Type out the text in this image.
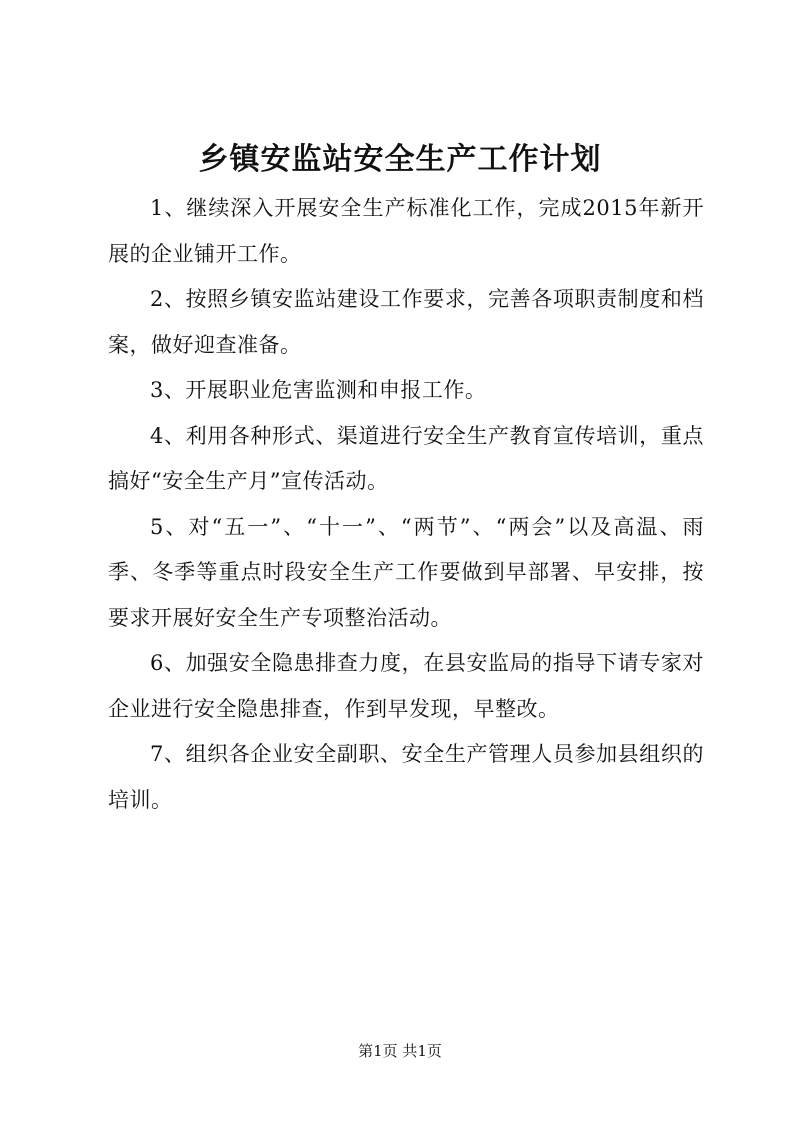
乡镇安监站安全生产工作计划

1、继续深入开展安全生产标准化工作，完成2015年新开展的企业铺开工作。

2、按照乡镇安监站建设工作要求，完善各项职责制度和档案，做好迎查准备。

3、开展职业危害监测和申报工作。

4、利用各种形式、渠道进行安全生产教育宣传培训，重点搞好“安全生产月”宣传活动。

5、对“五一”、“十一”、“两节”、“两会”以及高温、雨季、冬季等重点时段安全生产工作要做到早部署、早安排，按要求开展好安全生产专项整治活动。

6、加强安全隐患排查力度，在县安监局的指导下请专家对企业进行安全隐患排查，作到早发现，早整改。

7、组织各企业安全副职、安全生产管理人员参加县组织的培训。

第1页 共1页
